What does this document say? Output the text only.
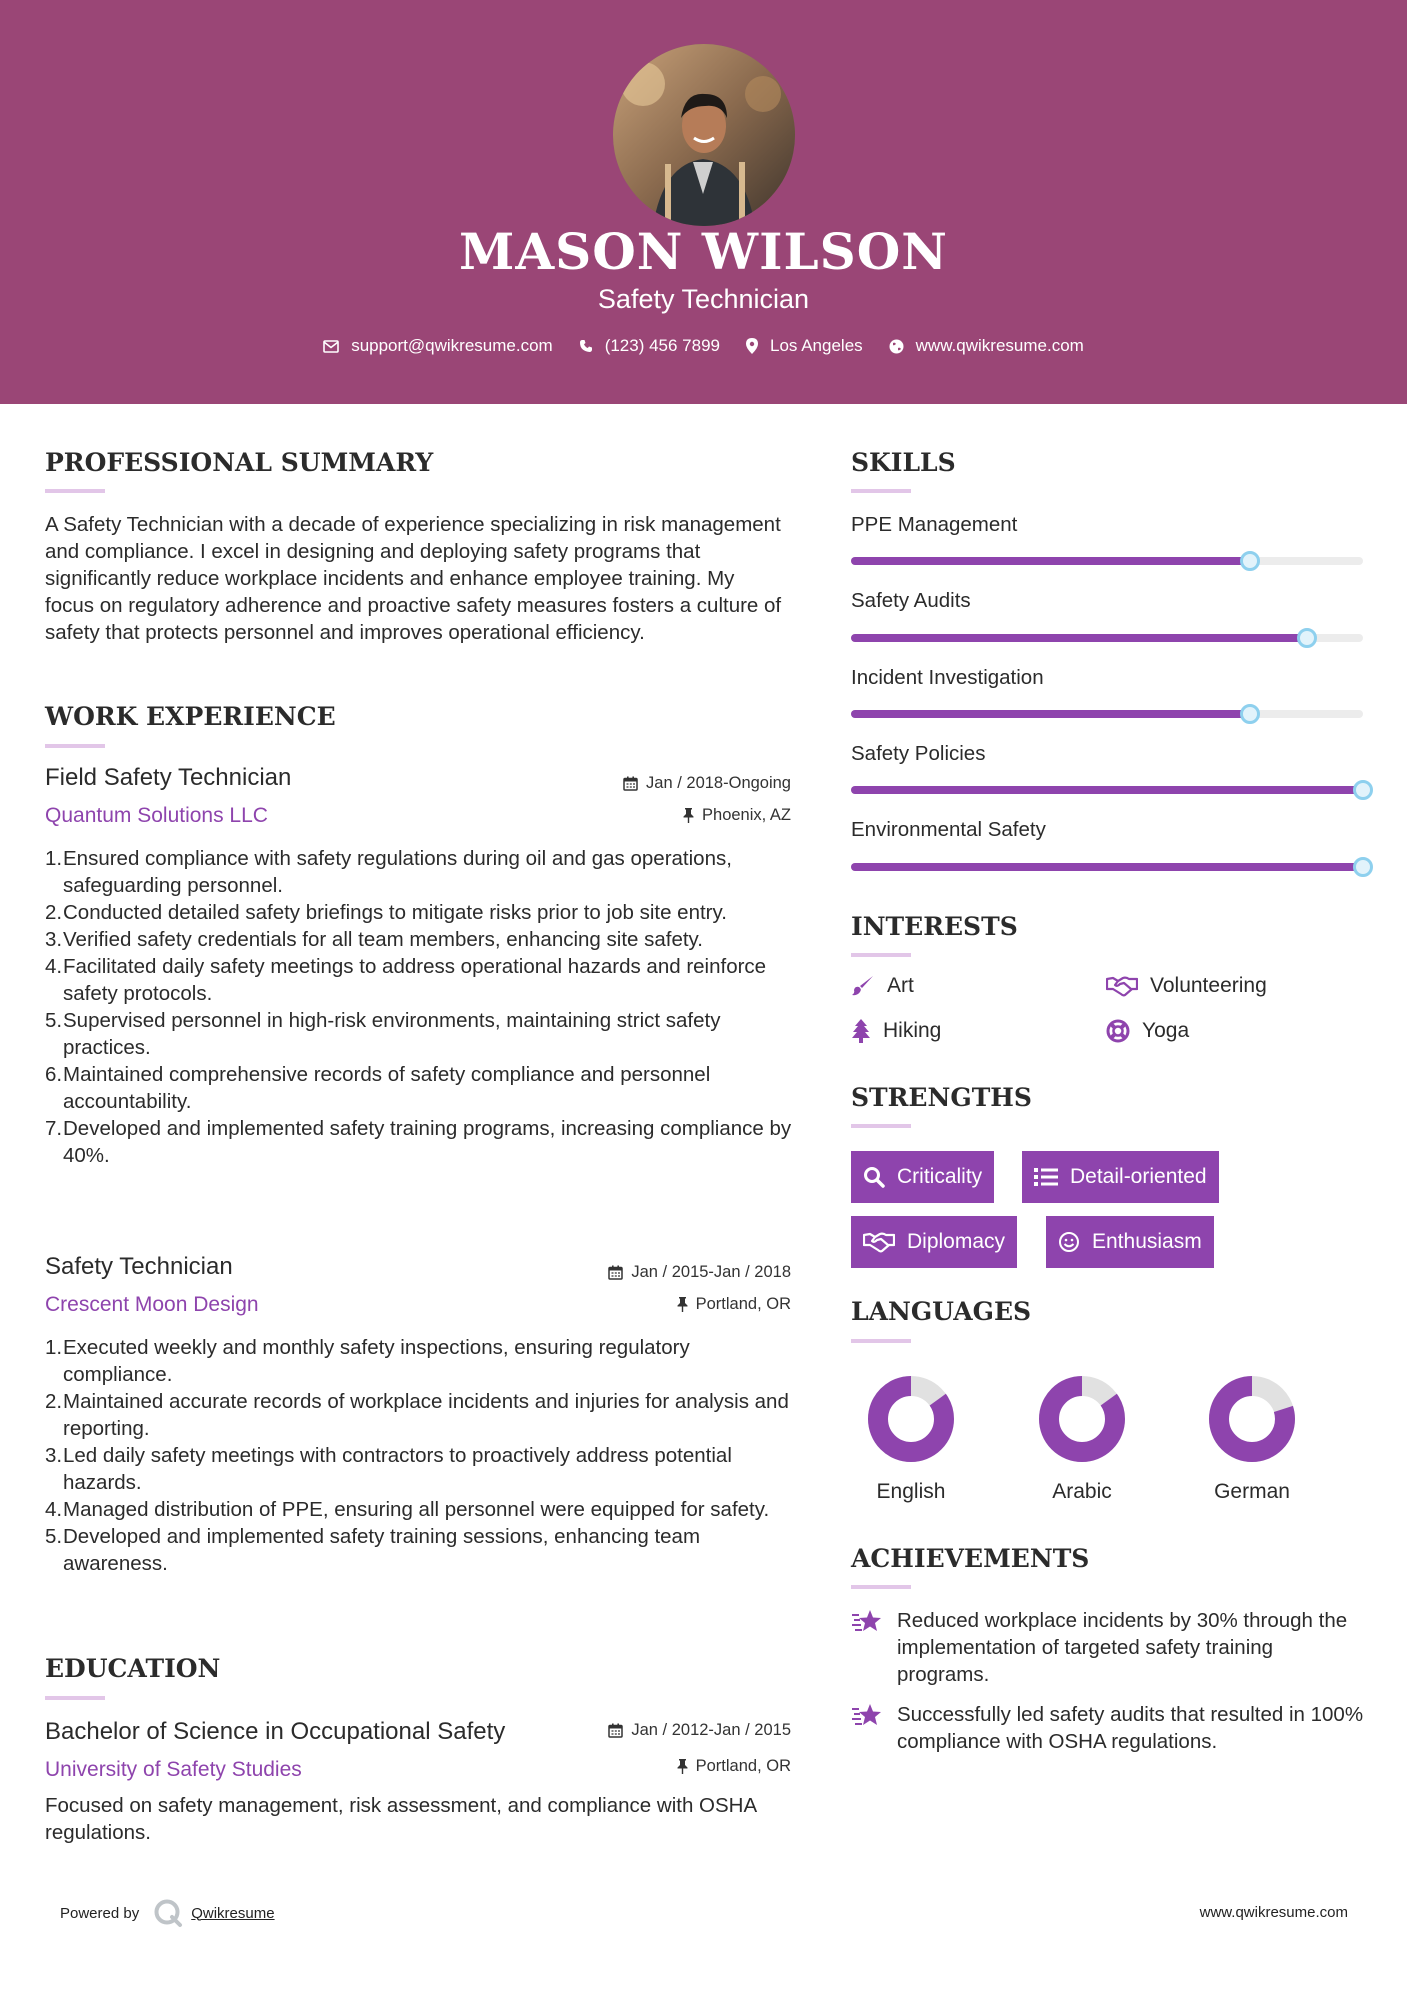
MASON WILSON
Safety Technician
support@qwikresume.com	(123) 456 7899	Los Angeles	www.qwikresume.com
PROFESSIONAL SUMMARY
A Safety Technician with a decade of experience specializing in risk management and compliance. I excel in designing and deploying safety programs that significantly reduce workplace incidents and enhance employee training. My focus on regulatory adherence and proactive safety measures fosters a culture of safety that protects personnel and improves operational efficiency.
WORK EXPERIENCE
Field Safety Technician
Quantum Solutions LLC
Jan / 2018-Ongoing
Phoenix, AZ
1. Ensured compliance with safety regulations during oil and gas operations, safeguarding personnel.
2. Conducted detailed safety briefings to mitigate risks prior to job site entry.
3. Verified safety credentials for all team members, enhancing site safety.
4. Facilitated daily safety meetings to address operational hazards and reinforce safety protocols.
5. Supervised personnel in high-risk environments, maintaining strict safety practices.
6. Maintained comprehensive records of safety compliance and personnel accountability.
7. Developed and implemented safety training programs, increasing compliance by 40%.
Safety Technician
Crescent Moon Design
Jan / 2015-Jan / 2018
Portland, OR
1. Executed weekly and monthly safety inspections, ensuring regulatory compliance.
2. Maintained accurate records of workplace incidents and injuries for analysis and reporting.
3. Led daily safety meetings with contractors to proactively address potential hazards.
4. Managed distribution of PPE, ensuring all personnel were equipped for safety.
5. Developed and implemented safety training sessions, enhancing team awareness.
EDUCATION
Bachelor of Science in Occupational Safety
University of Safety Studies
Jan / 2012-Jan / 2015
Portland, OR
Focused on safety management, risk assessment, and compliance with OSHA regulations.
SKILLS
PPE Management
Safety Audits
Incident Investigation
Safety Policies
Environmental Safety
INTERESTS
Art	Volunteering
Hiking	Yoga
STRENGTHS
Criticality	Detail-oriented
Diplomacy	Enthusiasm
LANGUAGES
English	Arabic	German
ACHIEVEMENTS
Reduced workplace incidents by 30% through the implementation of targeted safety training programs.
Successfully led safety audits that resulted in 100% compliance with OSHA regulations.
Powered by	Qwikresume	www.qwikresume.com
